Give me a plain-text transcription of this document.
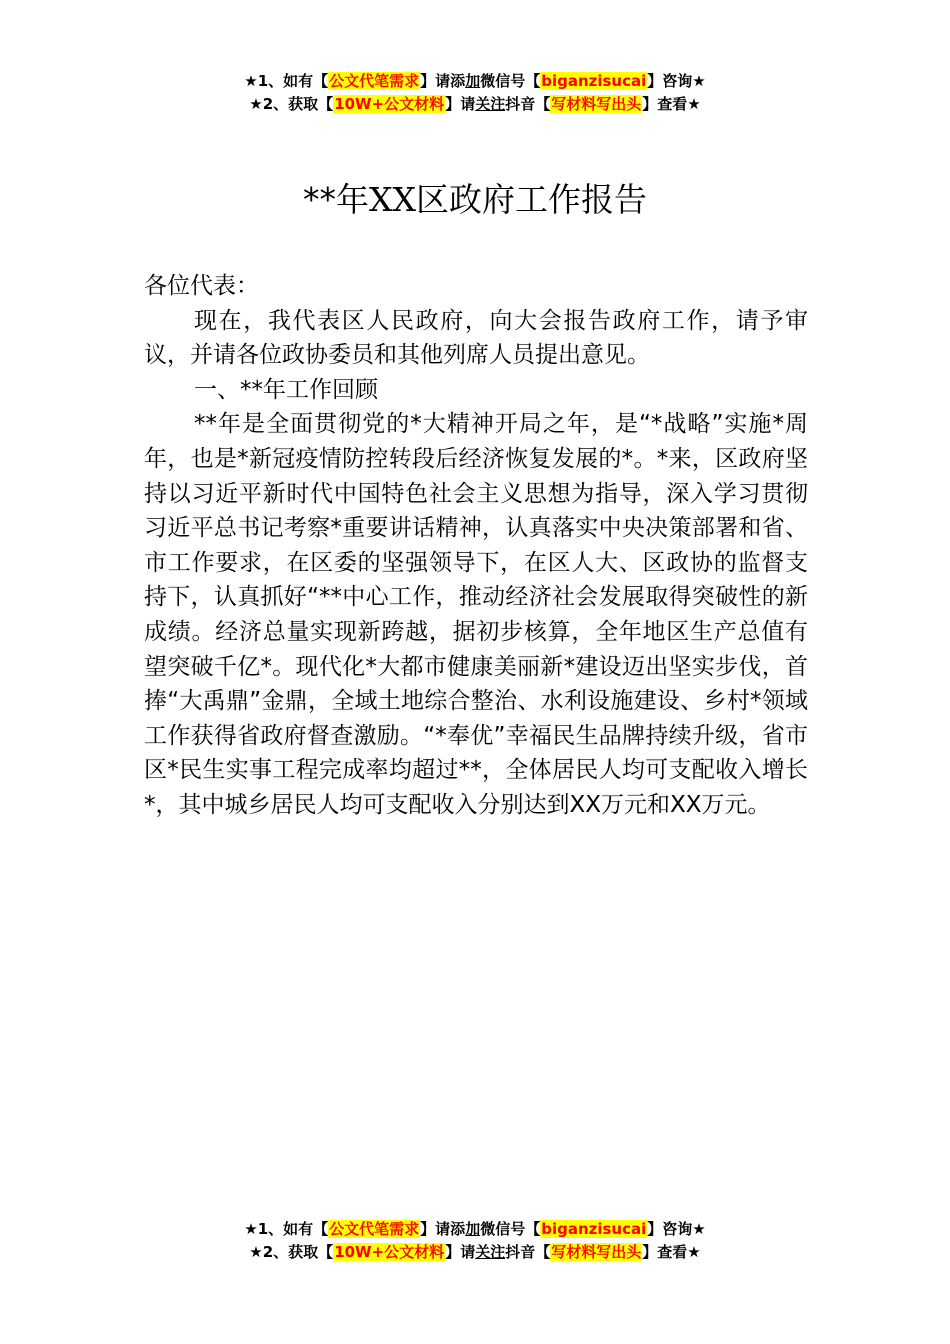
★1、如有【公文代笔需求】请添加微信号【biganzisucai】咨询★
★2、获取【10W+公文材料】请关注抖音【写材料写出头】查看★
**年XX区政府工作报告

各位代表：

现在，我代表区人民政府，向大会报告政府工作，请予审议，并请各位政协委员和其他列席人员提出意见。

一、**年工作回顾

**年是全面贯彻党的*大精神开局之年，是“*战略”实施*周年，也是*新冠疫情防控转段后经济恢复发展的*。*来，区政府坚持以习近平新时代中国特色社会主义思想为指导，深入学习贯彻习近平总书记考察*重要讲话精神，认真落实中央决策部署和省、市工作要求，在区委的坚强领导下，在区人大、区政协的监督支持下，认真抓好“**中心工作，推动经济社会发展取得突破性的新成绩。经济总量实现新跨越，据初步核算，全年地区生产总值有望突破千亿*。现代化*大都市健康美丽新*建设迈出坚实步伐，首捧“大禹鼎”金鼎，全域土地综合整治、水利设施建设、乡村*领域工作获得省政府督查激励。“*奉优”幸福民生品牌持续升级，省市区*民生实事工程完成率均超过**，全体居民人均可支配收入增长*，其中城乡居民人均可支配收入分别达到XX万元和XX万元。

★1、如有【公文代笔需求】请添加微信号【biganzisucai】咨询★
★2、获取【10W+公文材料】请关注抖音【写材料写出头】查看★
